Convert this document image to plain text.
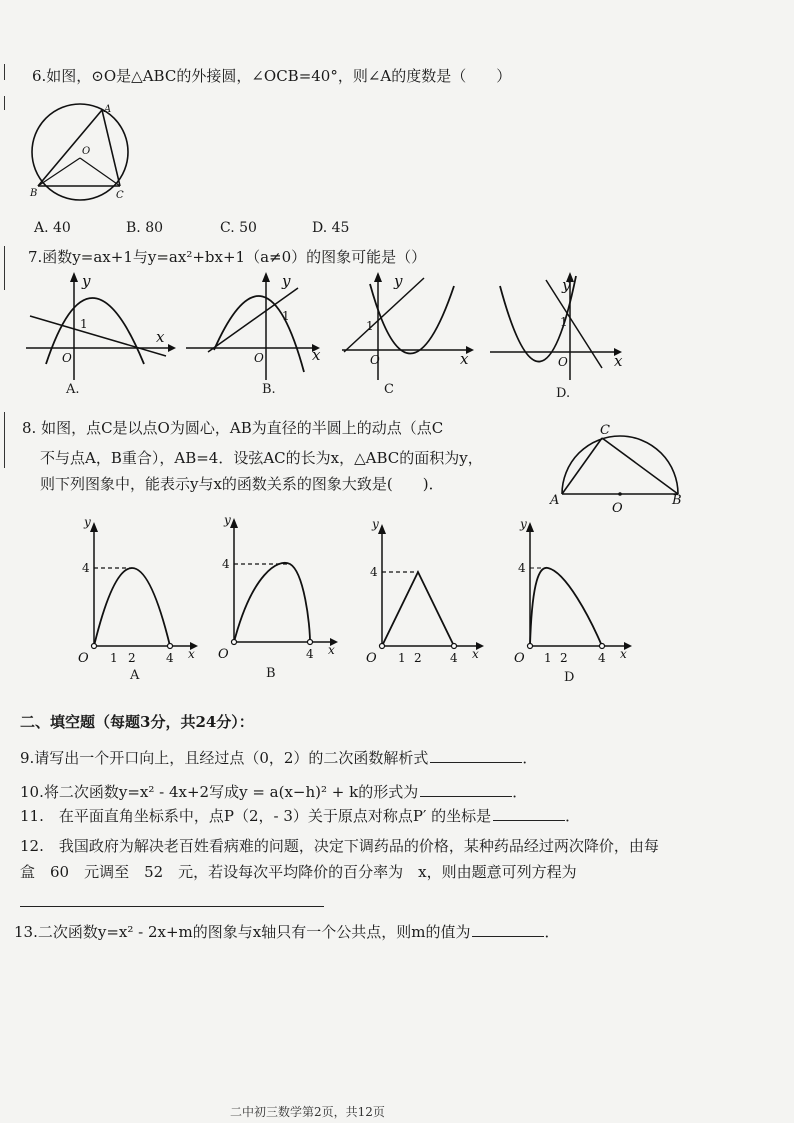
6.如图，⊙O是△ABC的外接圆，∠OCB=40°，则∠A的度数是（　　）
A
O
B	C
A. 40	B. 80	C. 50	D. 45
7.函数y=ax+1与y=ax²+bx+1（a≠0）的图象可能是（）
y
x
O
1
A.
y
x
O
1
B.
y
x
O
1
C
y
x
O
1
D.
8. 如图，点C是以点O为圆心，AB为直径的半圆上的动点（点C
不与点A，B重合），AB=4．设弦AC的长为x，△ABC的面积为y，
则下列图象中，能表示y与x的函数关系的图象大致是(　　)．
C
A
O
B
y
4
O 1 2	4 x
A
y
4
O	4 x
B
y
4
O 1 2 4 x
y
4
O 1 2	4 x
D
二、填空题（每题3分，共24分）：
9.请写出一个开口向上，且经过点（0，2）的二次函数解析式	．
10.将二次函数y=x² - 4x+2写成y = a(x−h)² + k的形式为	．
11.　在平面直角坐标系中，点P（2，- 3）关于原点对称点P′ 的坐标是	．
12.　我国政府为解决老百姓看病难的问题，决定下调药品的价格，某种药品经过两次降价，由每
盒　60　元调至　52　元，若设每次平均降价的百分率为　x，则由题意可列方程为
13.二次函数y=x² - 2x+m的图象与x轴只有一个公共点，则m的值为	．
二中初三数学第2页，共12页
